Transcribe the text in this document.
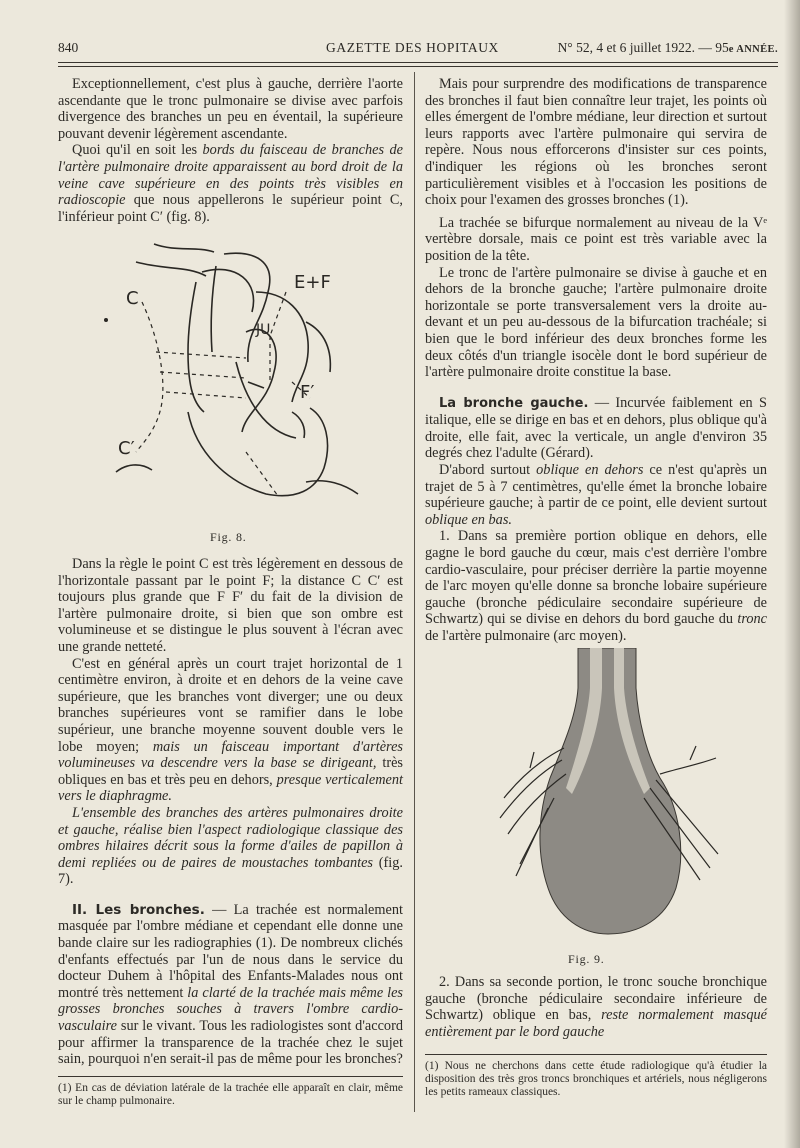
840	GAZETTE DES HOPITAUX	N° 52, 4 et 6 juillet 1922. — 95e ANNÉE.

Exceptionnellement, c'est plus à gauche, derrière l'aorte ascendante que le tronc pulmonaire se divise avec parfois divergence des branches un peu en éventail, la supérieure pouvant devenir légèrement ascendante.

Quoi qu'il en soit les bords du faisceau de branches de l'artère pulmonaire droite apparaissent au bord droit de la veine cave supérieure en des points très visibles en radioscopie que nous appellerons le supérieur point C, l'inférieur point C′ (fig. 8).

C
C′
E+F
F′
JU
Fig. 8.

Dans la règle le point C est très légèrement en dessous de l'horizontale passant par le point F; la distance C C′ est toujours plus grande que F F′ du fait de la division de l'artère pulmonaire droite, si bien que son ombre est volumineuse et se distingue le plus souvent à l'écran avec une grande netteté.

C'est en général après un court trajet horizontal de 1 centimètre environ, à droite et en dehors de la veine cave supérieure, que les branches vont diverger; une ou deux branches supérieures vont se ramifier dans le lobe supérieur, une branche moyenne souvent double vers le lobe moyen; mais un faisceau important d'artères volumineuses va descendre vers la base se dirigeant, très obliques en bas et très peu en dehors, presque verticalement vers le diaphragme.

L'ensemble des branches des artères pulmonaires droite et gauche, réalise bien l'aspect radiologique classique des ombres hilaires décrit sous la forme d'ailes de papillon à demi repliées ou de paires de moustaches tombantes (fig. 7).

II. Les bronches. — La trachée est normalement masquée par l'ombre médiane et cependant elle donne une bande claire sur les radiographies (1). De nombreux clichés d'enfants effectués par l'un de nous dans le service du docteur Duhem à l'hôpital des Enfants-Malades nous ont montré très nettement la clarté de la trachée mais même les grosses bronches souches à travers l'ombre cardio-vasculaire sur le vivant. Tous les radiologistes sont d'accord pour affirmer la transparence de la trachée chez le sujet sain, pourquoi n'en serait-il pas de même pour les bronches?

(1) En cas de déviation latérale de la trachée elle apparaît en clair, même sur le champ pulmonaire.

Mais pour surprendre des modifications de transparence des bronches il faut bien connaître leur trajet, les points où elles émergent de l'ombre médiane, leur direction et surtout leurs rapports avec l'artère pulmonaire qui servira de repère. Nous nous efforcerons d'insister sur ces points, d'indiquer les régions où les bronches seront particulièrement visibles et à l'occasion les positions de choix pour l'examen des grosses bronches (1).

La trachée se bifurque normalement au niveau de la Vᵉ vertèbre dorsale, mais ce point est très variable avec la position de la tête.

Le tronc de l'artère pulmonaire se divise à gauche et en dehors de la bronche gauche; l'artère pulmonaire droite horizontale se porte transversalement vers la droite au-devant et un peu au-dessous de la bifurcation trachéale; si bien que le bord inférieur des deux bronches forme les deux côtés d'un triangle isocèle dont le bord supérieur de l'artère pulmonaire droite constitue la base.

La bronche gauche. — Incurvée faiblement en S italique, elle se dirige en bas et en dehors, plus oblique qu'à droite, elle fait, avec la verticale, un angle d'environ 35 degrés chez l'adulte (Gérard).

D'abord surtout oblique en dehors ce n'est qu'après un trajet de 5 à 7 centimètres, qu'elle émet la bronche lobaire supérieure gauche; à partir de ce point, elle devient surtout oblique en bas.

1. Dans sa première portion oblique en dehors, elle gagne le bord gauche du cœur, mais c'est derrière l'ombre cardio-vasculaire, pour préciser derrière la partie moyenne de l'arc moyen qu'elle donne sa bronche lobaire supérieure gauche (bronche pédiculaire secondaire supérieure de Schwartz) qui se divise en dehors du bord gauche du tronc de l'artère pulmonaire (arc moyen).

Fig. 9.

2. Dans sa seconde portion, le tronc souche bronchique gauche (bronche pédiculaire secondaire inférieure de Schwartz) oblique en bas, reste normalement masqué entièrement par le bord gauche

(1) Nous ne cherchons dans cette étude radiologique qu'à étudier la disposition des très gros troncs bronchiques et artériels, nous négligerons les petits rameaux classiques.
